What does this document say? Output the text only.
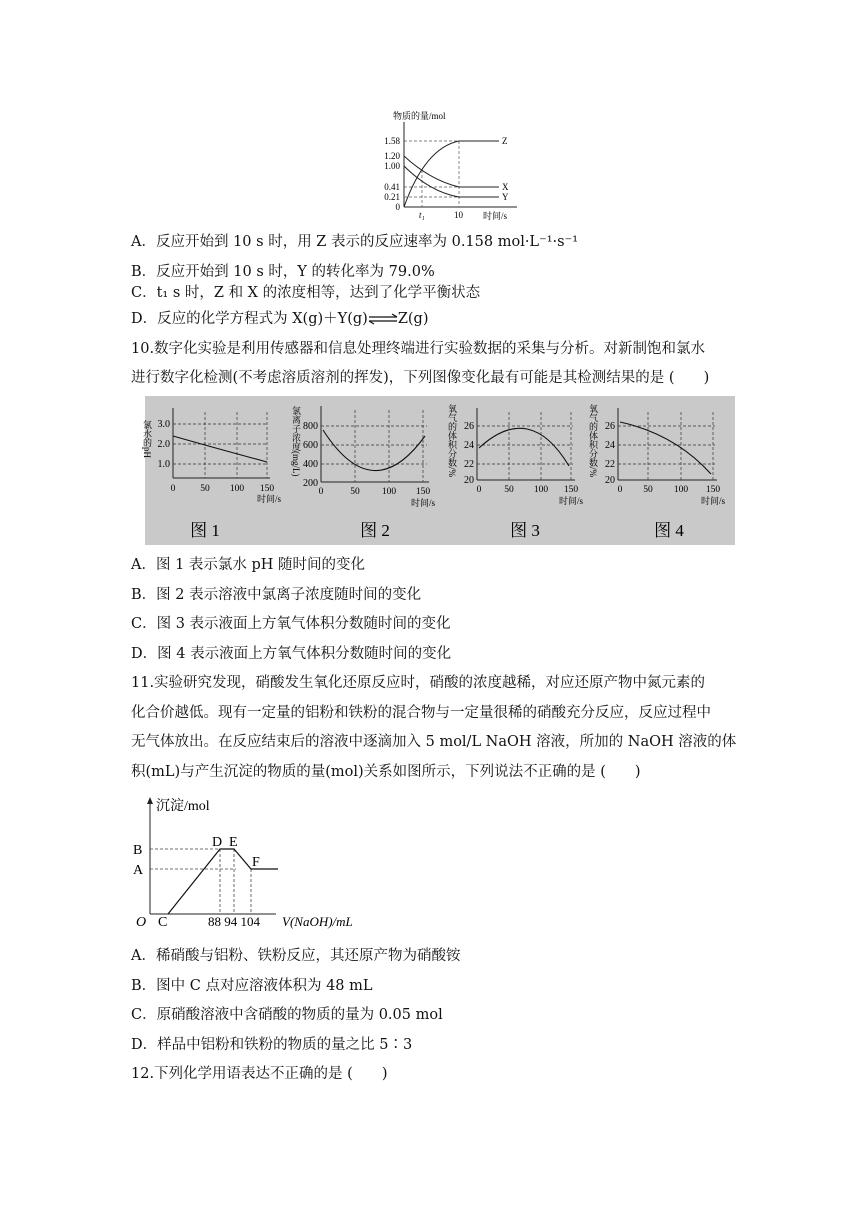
物质的量/mol
1.58
1.20
1.00
0.41
0.21
0
Z
X
Y
t₁	10 时间/s
A．反应开始到 10 s 时，用 Z 表示的反应速率为 0.158 mol·L⁻¹·s⁻¹
B．反应开始到 10 s 时，Y 的转化率为 79.0%
C．t₁ s 时，Z 和 X 的浓度相等，达到了化学平衡状态
D．反应的化学方程式为 X(g)＋Y(g)⇌Z(g)
10.数字化实验是利用传感器和信息处理终端进行实验数据的采集与分析。对新制饱和氯水
进行数字化检测(不考虑溶质溶剂的挥发)，下列图像变化最有可能是其检测结果的是 (　　)
3.0
2.0
1.0
0	50 100 150
时间/s
氯水的pH
图 1
800
600
400
200
0	50 100 150
时间/s
氯离子浓度(mg/L)
图 2
26
24
22
20
0 50 100 150
时间/s
氧气的体积分数/%
图 3
26
24
22
20
0 50 100 150
时间/s
氧气的体积分数/%
图 4
A．图 1 表示氯水 pH 随时间的变化
B．图 2 表示溶液中氯离子浓度随时间的变化
C．图 3 表示液面上方氧气体积分数随时间的变化
D．图 4 表示液面上方氧气体积分数随时间的变化
11.实验研究发现，硝酸发生氧化还原反应时，硝酸的浓度越稀，对应还原产物中氮元素的
化合价越低。现有一定量的铝粉和铁粉的混合物与一定量很稀的硝酸充分反应，反应过程中
无气体放出。在反应结束后的溶液中逐滴加入 5 mol/L NaOH 溶液，所加的 NaOH 溶液的体
积(mL)与产生沉淀的物质的量(mol)关系如图所示，下列说法不正确的是 (　　)
沉淀/mol
B
A
D E
F
O C	88 94 104 V(NaOH)/mL
A．稀硝酸与铝粉、铁粉反应，其还原产物为硝酸铵
B．图中 C 点对应溶液体积为 48 mL
C．原硝酸溶液中含硝酸的物质的量为 0.05 mol
D．样品中铝粉和铁粉的物质的量之比 5∶3
12.下列化学用语表达不正确的是 (　　)
